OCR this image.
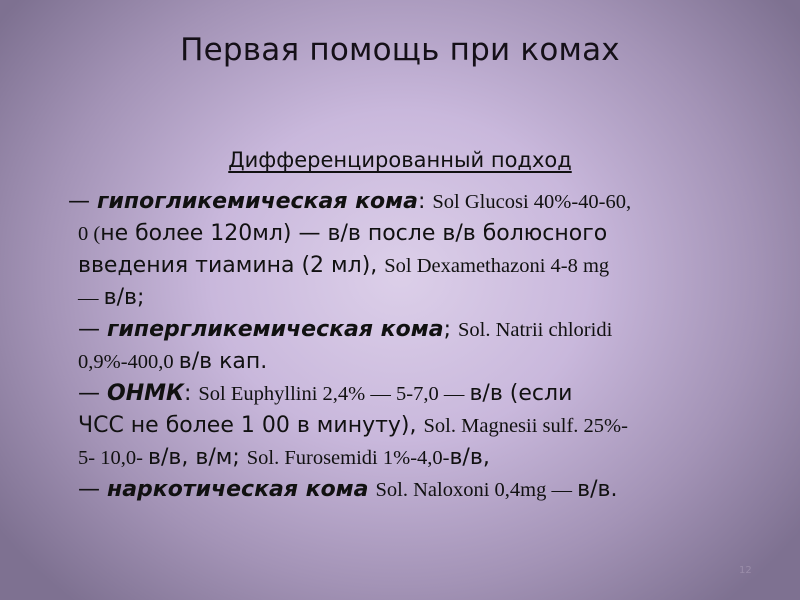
Первая помощь при комах
Дифференцированный подход
— гипогликемическая кома: Sol Glucosi 40%-40-60,
0 (не более 120мл) — в/в после в/в болюсного
введения тиамина (2 мл), Sol Dexamethazoni 4-8 mg
— в/в;
— гипергликемическая кома; Sol. Natrii chloridi
0,9%-400,0 в/в кап.
— ОНМК: Sol Euphyllini 2,4% — 5-7,0 — в/в (если
ЧСС не более 1 00 в минуту), Sol. Magnesii sulf. 25%-
5- 10,0- в/в, в/м; Sol. Furosemidi 1%-4,0-в/в,
— наркотическая кома Sol. Naloxoni 0,4mg — в/в.
12
